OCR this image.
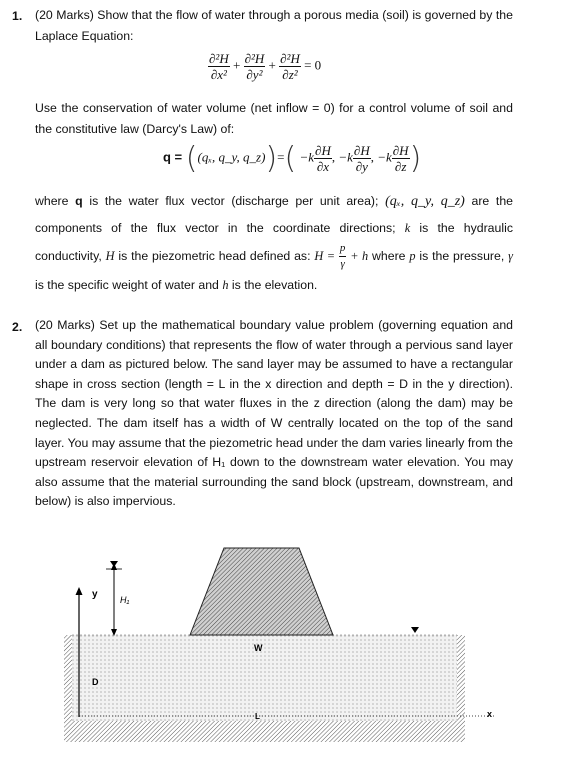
1. (20 Marks) Show that the flow of water through a porous media (soil) is governed by the Laplace Equation:
$\frac{\text{∂²H}}{\text{∂x²}} + \frac{\text{∂²H}}{\text{∂y²}} + \frac{\text{∂²H}}{\text{∂z²}} = 0$
Use the conservation of water volume (net inflow = 0) for a control volume of soil and the constitutive law (Darcy's Law) of:
q = ((qₓ, q_y, q_z))=( $-k \frac{\partial H}{\partial x}$ , $-k \frac{\partial H}{\partial y}$ , $-k \frac{\partial H}{\partial z}$ )
where q is the water flux vector (discharge per unit area); (qₓ, q_y, q_z) are the components of the flux vector in the coordinate directions; k is the hydraulic conductivity, H is the piezometric head defined as: $H = \frac{p}{\gamma} + h$ where p is the pressure, γ is the specific weight of water and h is the elevation.
2. (20 Marks) Set up the mathematical boundary value problem (governing equation and all boundary conditions) that represents the flow of water through a pervious sand layer under a dam as pictured below. The sand layer may be assumed to have a rectangular shape in cross section (length = L in the x direction and depth = D in the y direction). The dam is very long so that water fluxes in the z direction (along the dam) may be neglected. The dam itself has a width of W centrally located on the top of the sand layer. You may assume that the piezometric head under the dam varies linearly from the upstream reservoir elevation of H₁ down to the downstream water elevation. You may also assume that the material surrounding the sand block (upstream, downstream, and below) is also impervious.
y H₁
W
D
L	x
